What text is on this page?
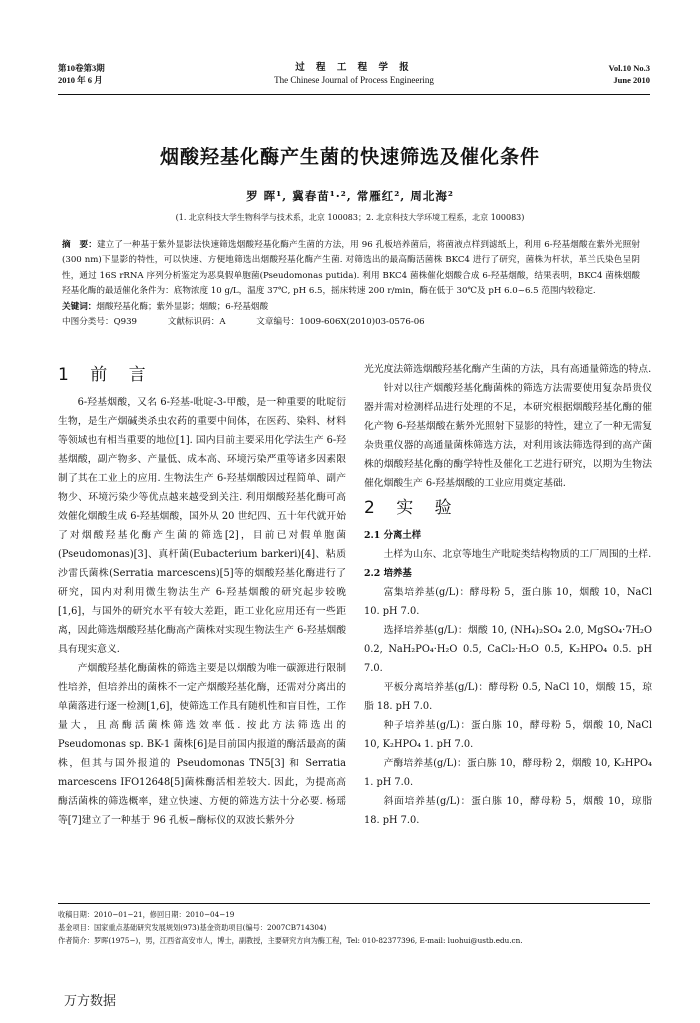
第10卷第3期
2010 年 6 月
过 程 工 程 学 报
The Chinese Journal of Process Engineering
Vol.10 No.3
June 2010
烟酸羟基化酶产生菌的快速筛选及催化条件
罗 晖¹, 冀春苗¹·², 常雁红², 周北海²
(1. 北京科技大学生物科学与技术系，北京 100083；2. 北京科技大学环境工程系，北京 100083)
摘　要：建立了一种基于紫外显影法快速筛选烟酸羟基化酶产生菌的方法，用 96 孔板培养菌后，将菌液点样到滤纸上，利用 6-羟基烟酸在紫外光照射(300 nm)下显影的特性，可以快速、方便地筛选出烟酸羟基化酶产生菌. 对筛选出的最高酶活菌株 BKC4 进行了研究，菌株为杆状，革兰氏染色呈阴性，通过 16S rRNA 序列分析鉴定为恶臭假单胞菌(Pseudomonas putida). 利用 BKC4 菌株催化烟酸合成 6-羟基烟酸，结果表明，BKC4 菌株烟酸羟基化酶的最适催化条件为：底物浓度 10 g/L，温度 37℃, pH 6.5，摇床转速 200 r/min，酶在低于 30℃及 pH 6.0~6.5 范围内较稳定.
关键词：烟酸羟基化酶；紫外显影；烟酸；6-羟基烟酸
中图分类号：Q939	文献标识码：A	文章编号：1009-606X(2010)03-0576-06
1 前 言

6-羟基烟酸，又名 6-羟基-吡啶-3-甲酸，是一种重要的吡啶衍生物，是生产烟碱类杀虫农药的重要中间体，在医药、染料、材料等领域也有相当重要的地位[1]. 国内目前主要采用化学法生产 6-羟基烟酸，副产物多、产量低、成本高、环境污染严重等诸多因素限制了其在工业上的应用. 生物法生产 6-羟基烟酸因过程简单、副产物少、环境污染少等优点越来越受到关注. 利用烟酸羟基化酶可高效催化烟酸生成 6-羟基烟酸，国外从 20 世纪四、五十年代就开始了对烟酸羟基化酶产生菌的筛选[2]，目前已对假单胞菌(Pseudomonas)[3]、真杆菌(Eubacterium barkeri)[4]、粘质沙雷氏菌株(Serratia marcescens)[5]等的烟酸羟基化酶进行了研究，国内对利用微生物法生产 6-羟基烟酸的研究起步较晚[1,6]，与国外的研究水平有较大差距，距工业化应用还有一些距离，因此筛选烟酸羟基化酶高产菌株对实现生物法生产 6-羟基烟酸具有现实意义.

产烟酸羟基化酶菌株的筛选主要是以烟酸为唯一碳源进行限制性培养，但培养出的菌株不一定产烟酸羟基化酶，还需对分离出的单菌落进行逐一检测[1,6]，使筛选工作具有随机性和盲目性，工作量大，且高酶活菌株筛选效率低. 按此方法筛选出的 Pseudomonas sp. BK-1 菌株[6]是目前国内报道的酶活最高的菌株，但其与国外报道的 Pseudomonas TN5[3] 和 Serratia marcescens IFO12648[5]菌株酶活相差较大. 因此，为提高高酶活菌株的筛选概率，建立快速、方便的筛选方法十分必要. 杨瑶等[7]建立了一种基于 96 孔板−酶标仪的双波长紫外分

光光度法筛选烟酸羟基化酶产生菌的方法，具有高通量筛选的特点.

针对以往产烟酸羟基化酶菌株的筛选方法需要使用复杂昂贵仪器并需对检测样品进行处理的不足，本研究根据烟酸羟基化酶的催化产物 6-羟基烟酸在紫外光照射下显影的特性，建立了一种无需复杂贵重仪器的高通量菌株筛选方法，对利用该法筛选得到的高产菌株的烟酸羟基化酶的酶学特性及催化工艺进行研究，以期为生物法催化烟酸生产 6-羟基烟酸的工业应用奠定基础.

2 实 验
2.1 分离土样

土样为山东、北京等地生产吡啶类结构物质的工厂周围的土样.

2.2 培养基

富集培养基(g/L)：酵母粉 5，蛋白胨 10，烟酸 10，NaCl 10. pH 7.0.

选择培养基(g/L)：烟酸 10, (NH₄)₂SO₄ 2.0, MgSO₄·7H₂O 0.2, NaH₂PO₄·H₂O 0.5, CaCl₂·H₂O 0.5, K₂HPO₄ 0.5. pH 7.0.

平板分离培养基(g/L)：酵母粉 0.5, NaCl 10，烟酸 15，琼脂 18. pH 7.0.

种子培养基(g/L)：蛋白胨 10，酵母粉 5，烟酸 10, NaCl 10, K₂HPO₄ 1. pH 7.0.

产酶培养基(g/L)：蛋白胨 10，酵母粉 2，烟酸 10, K₂HPO₄ 1. pH 7.0.

斜面培养基(g/L)：蛋白胨 10，酵母粉 5，烟酸 10，琼脂 18. pH 7.0.

收稿日期：2010−01−21，修回日期：2010−04−19
基金项目：国家重点基础研究发展规划(973)基金资助项目(编号：2007CB714304)
作者简介：罗晖(1975−)，男，江西省高安市人，博士，副教授，主要研究方向为酶工程，Tel: 010-82377396, E-mail: luohui@ustb.edu.cn.
万方数据
